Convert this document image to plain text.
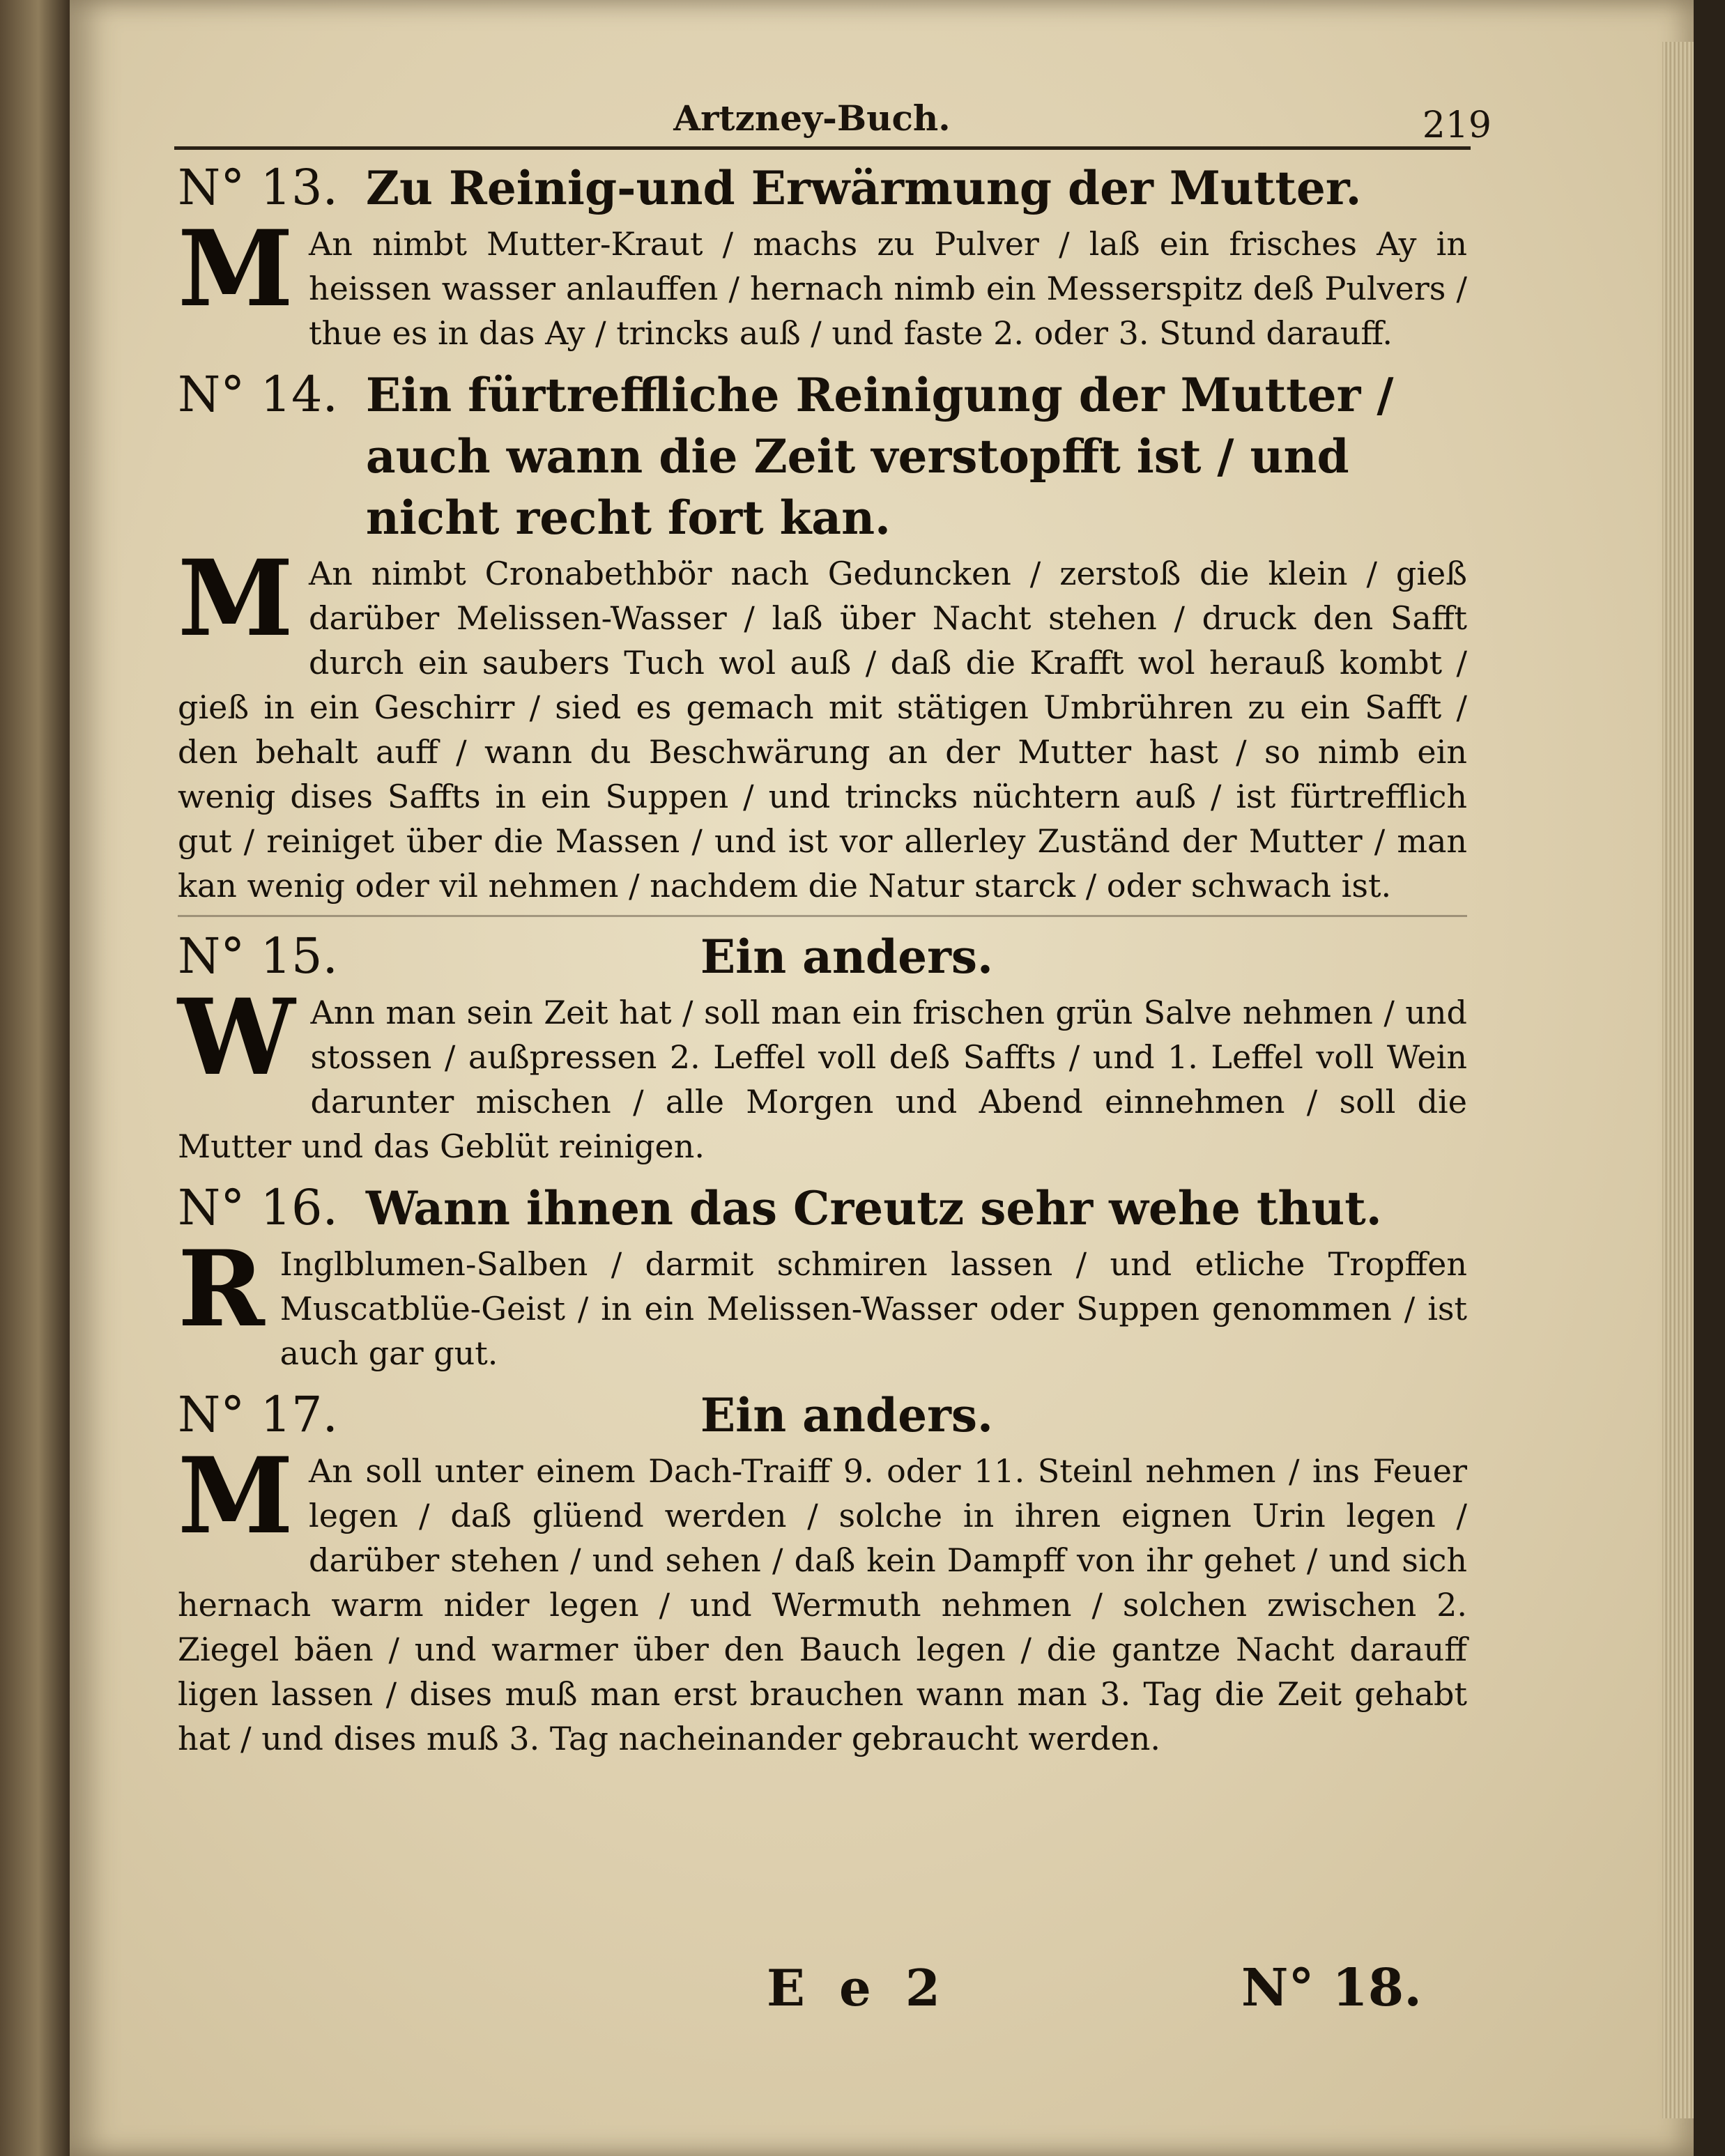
Artzney-Buch.	219
N° 13. Zu Reinig-und Erwärmung der Mutter.
M An nimbt Mutter-Kraut / machs zu Pulver / laß ein frisches Ay in heissen wasser anlauffen / hernach nimb ein Messerspitz deß Pulvers / thue es in das Ay / trincks auß / und faste 2. oder 3. Stund darauff.
N° 14. Ein fürtreffliche Reinigung der Mutter / auch wann die Zeit verstopfft ist / und nicht recht fort kan.
M An nimbt Cronabethbör nach Geduncken / zerstoß die klein / gieß darüber Melissen-Wasser / laß über Nacht stehen / druck den Safft durch ein saubers Tuch wol auß / daß die Krafft wol herauß kombt / gieß in ein Geschirr / sied es gemach mit stätigen Umbrühren zu ein Safft / den behalt auff / wann du Beschwärung an der Mutter hast / so nimb ein wenig dises Saffts in ein Suppen / und trincks nüchtern auß / ist fürtrefflich gut / reiniget über die Massen / und ist vor allerley Zuständ der Mutter / man kan wenig oder vil nehmen / nachdem die Natur starck / oder schwach ist.
N° 15.	Ein anders.
W Ann man sein Zeit hat / soll man ein frischen grün Salve nehmen / und stossen / außpressen 2. Leffel voll deß Saffts / und 1. Leffel voll Wein darunter mischen / alle Morgen und Abend einnehmen / soll die Mutter und das Geblüt reinigen.
N° 16. Wann ihnen das Creutz sehr wehe thut.
R Inglblumen-Salben / darmit schmiren lassen / und etliche Tropffen Muscatblüe-Geist / in ein Melissen-Wasser oder Suppen genommen / ist auch gar gut.
N° 17.	Ein anders.
M An soll unter einem Dach-Traiff 9. oder 11. Steinl nehmen / ins Feuer legen / daß glüend werden / solche in ihren eignen Urin legen / darüber stehen / und sehen / daß kein Dampff von ihr gehet / und sich hernach warm nider legen / und Wermuth nehmen / solchen zwischen 2. Ziegel bäen / und warmer über den Bauch legen / die gantze Nacht darauff ligen lassen / dises muß man erst brauchen wann man 3. Tag die Zeit gehabt hat / und dises muß 3. Tag nacheinander gebraucht werden.
E e 2	N° 18.
